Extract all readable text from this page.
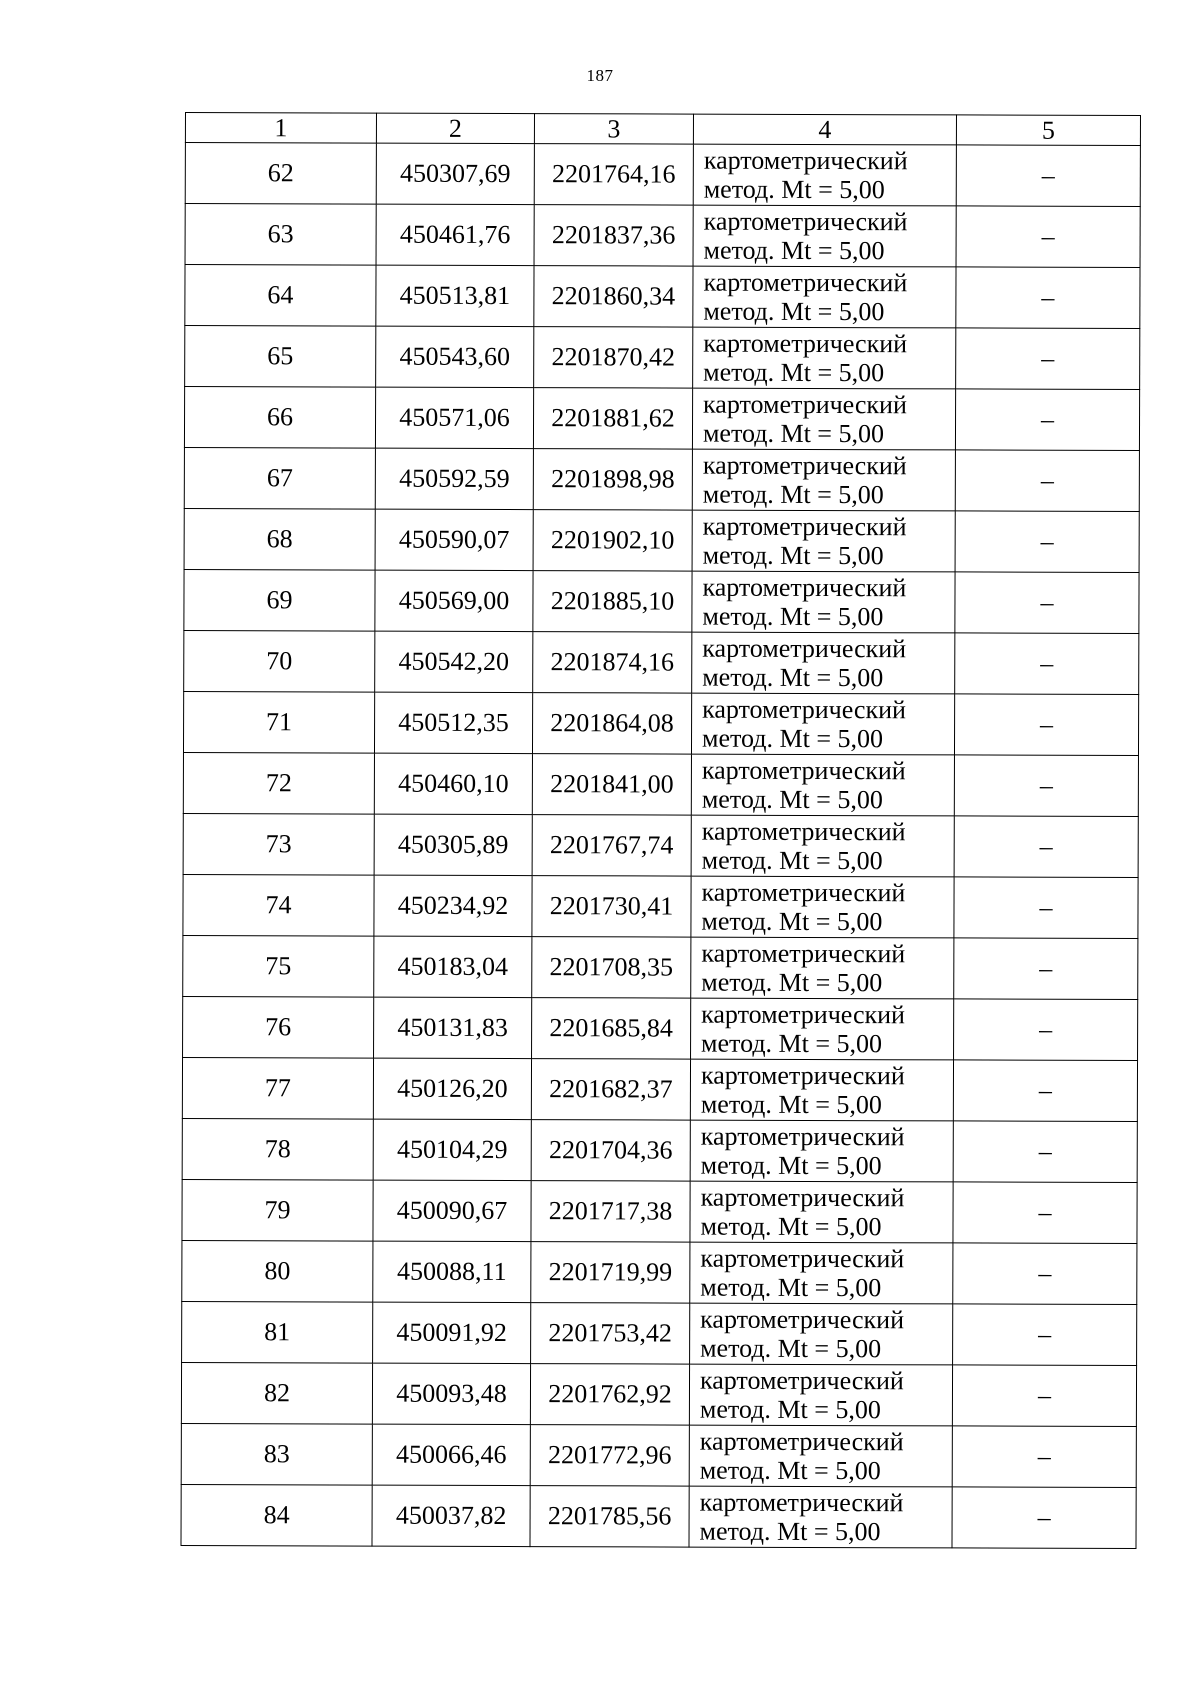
187
1	2	3	4	5
62	450307,69	2201764,16	картометрический
метод. Mt = 5,00	–
63	450461,76	2201837,36	картометрический
метод. Mt = 5,00	–
64	450513,81	2201860,34	картометрический
метод. Mt = 5,00	–
65	450543,60	2201870,42	картометрический
метод. Mt = 5,00	–
66	450571,06	2201881,62	картометрический
метод. Mt = 5,00	–
67	450592,59	2201898,98	картометрический
метод. Mt = 5,00	–
68	450590,07	2201902,10	картометрический
метод. Mt = 5,00	–
69	450569,00	2201885,10	картометрический
метод. Mt = 5,00	–
70	450542,20	2201874,16	картометрический
метод. Mt = 5,00	–
71	450512,35	2201864,08	картометрический
метод. Mt = 5,00	–
72	450460,10	2201841,00	картометрический
метод. Mt = 5,00	–
73	450305,89	2201767,74	картометрический
метод. Mt = 5,00	–
74	450234,92	2201730,41	картометрический
метод. Mt = 5,00	–
75	450183,04	2201708,35	картометрический
метод. Mt = 5,00	–
76	450131,83	2201685,84	картометрический
метод. Mt = 5,00	–
77	450126,20	2201682,37	картометрический
метод. Mt = 5,00	–
78	450104,29	2201704,36	картометрический
метод. Mt = 5,00	–
79	450090,67	2201717,38	картометрический
метод. Mt = 5,00	–
80	450088,11	2201719,99	картометрический
метод. Mt = 5,00	–
81	450091,92	2201753,42	картометрический
метод. Mt = 5,00	–
82	450093,48	2201762,92	картометрический
метод. Mt = 5,00	–
83	450066,46	2201772,96	картометрический
метод. Mt = 5,00	–
84	450037,82	2201785,56	картометрический
метод. Mt = 5,00	–
